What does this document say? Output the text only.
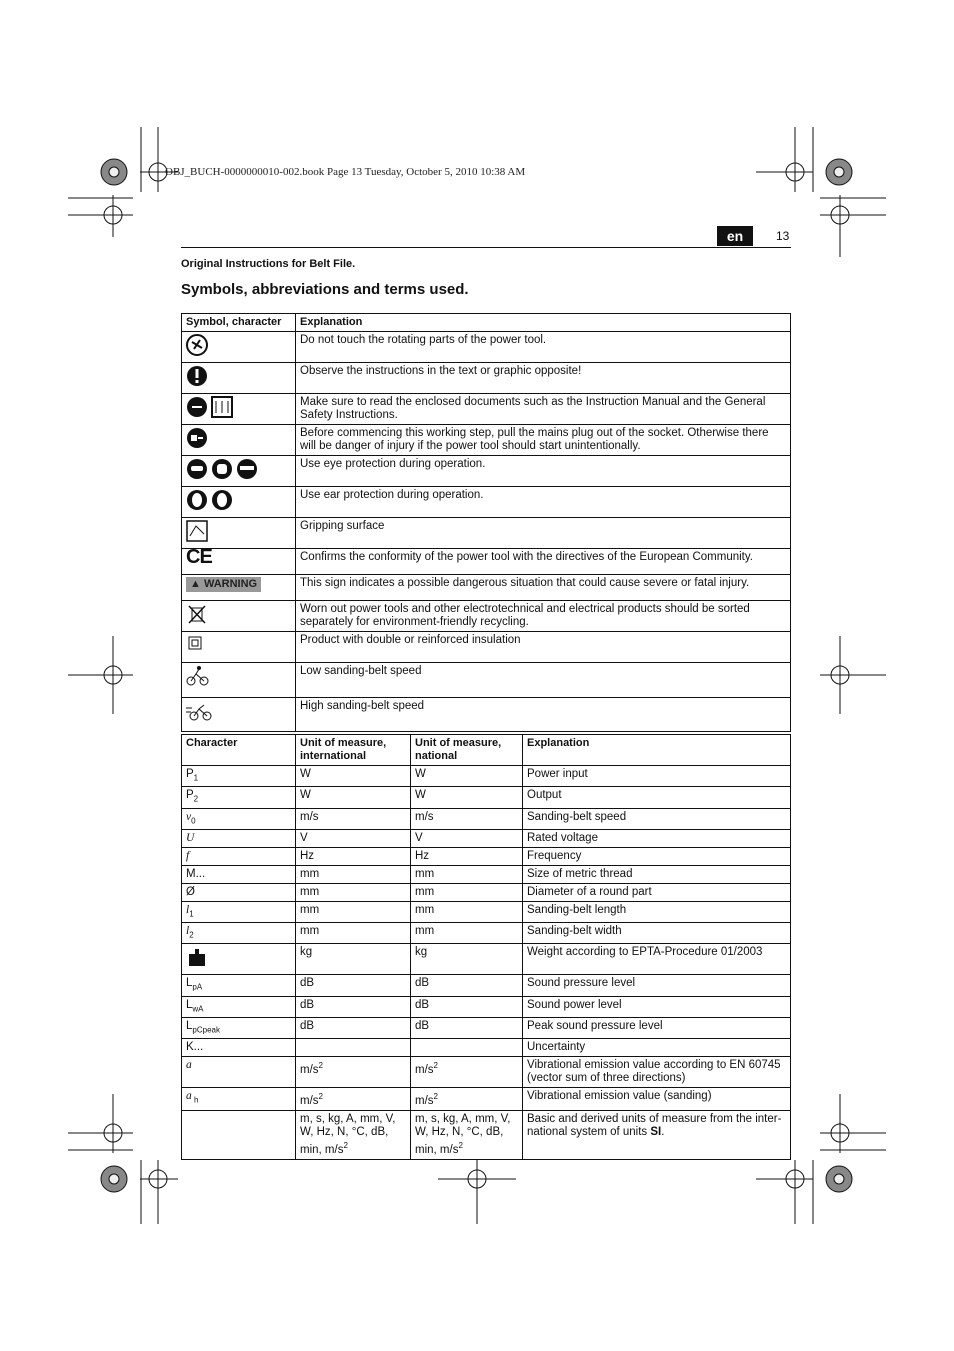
OBJ_BUCH-0000000010-002.book Page 13 Tuesday, October 5, 2010 10:38 AM
en	13
Original Instructions for Belt File.
Symbols, abbreviations and terms used.
Symbol, character	Explanation
	Do not touch the rotating parts of the power tool.
	Observe the instructions in the text or graphic opposite!
	Make sure to read the enclosed documents such as the Instruction Manual and the General Safety Instructions.
	Before commencing this working step, pull the mains plug out of the socket. Otherwise there will be danger of injury if the power tool should start unintentionally.
	Use eye protection during operation.
	Use ear protection during operation.
	Gripping surface
CE	Confirms the conformity of the power tool with the directives of the European Community.
▲ WARNING	This sign indicates a possible dangerous situation that could cause severe or fatal injury.
	Worn out power tools and other electrotechnical and electrical products should be sorted separately for environment-friendly recycling.
	Product with double or reinforced insulation
	Low sanding-belt speed
	High sanding-belt speed
Character	Unit of measure, international	Unit of measure, national	Explanation
$P_1$	W	W	Power input
$P_2$	W	W	Output
$v_0$	m/s	m/s	Sanding-belt speed
U	V	V	Rated voltage
f	Hz	Hz	Frequency
M...	mm	mm	Size of metric thread
Ø	mm	mm	Diameter of a round part
$l_1$	mm	mm	Sanding-belt length
$l_2$	mm	mm	Sanding-belt width
	kg	kg	Weight according to EPTA-Procedure 01/2003
$L_{pA}$	dB	dB	Sound pressure level
$L_{wA}$	dB	dB	Sound power level
$L_{pCpeak}$	dB	dB	Peak sound pressure level
K...			Uncertainty
a	$m/s^2$	$m/s^2$	Vibrational emission value according to EN 60745 (vector sum of three directions)
a $_h$	$m/s^2$	$m/s^2$	Vibrational emission value (sanding)
	m, s, kg, A, mm, V, W, Hz, N, °C, dB, min, $m/s^2$	m, s, kg, A, mm, V, W, Hz, N, °C, dB, min, $m/s^2$	Basic and derived units of measure from the inter-national system of units SI.
